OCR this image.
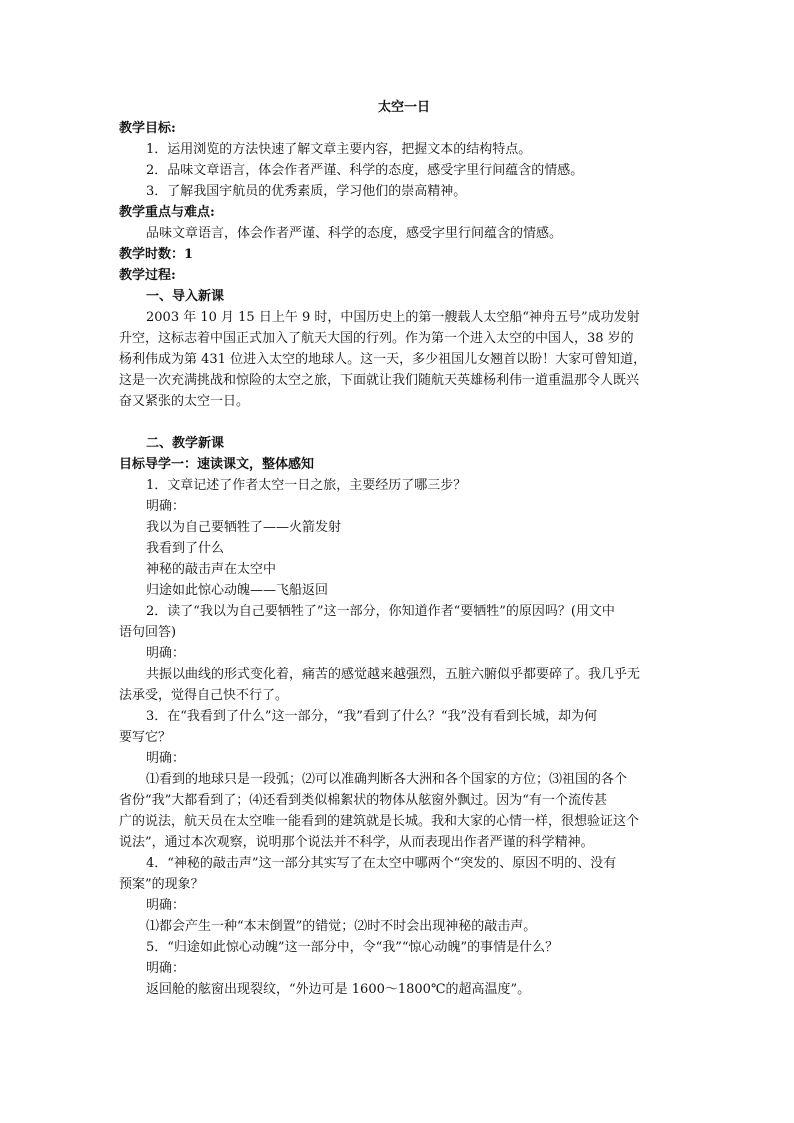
太空一日
教学目标:
1．运用浏览的方法快速了解文章主要内容，把握文本的结构特点。
2．品味文章语言，体会作者严谨、科学的态度，感受字里行间蕴含的情感。
3．了解我国宇航员的优秀素质，学习他们的崇高精神。
教学重点与难点:
品味文章语言，体会作者严谨、科学的态度，感受字里行间蕴含的情感。
教学时数：1
教学过程:
一、导入新课
2003 年 10 月 15 日上午 9 时，中国历史上的第一艘载人太空船“神舟五号”成功发射
升空，这标志着中国正式加入了航天大国的行列。作为第一个进入太空的中国人，38 岁的
杨利伟成为第 431 位进入太空的地球人。这一天，多少祖国儿女翘首以盼！大家可曾知道，
这是一次充满挑战和惊险的太空之旅，下面就让我们随航天英雄杨利伟一道重温那令人既兴
奋又紧张的太空一日。
二、教学新课
目标导学一：速读课文，整体感知
1．文章记述了作者太空一日之旅，主要经历了哪三步？
明确：
我以为自己要牺牲了——火箭发射
我看到了什么
神秘的敲击声在太空中
归途如此惊心动魄——飞船返回
2．读了“我以为自己要牺牲了”这一部分，你知道作者“要牺牲”的原因吗？(用文中
语句回答)
明确：
共振以曲线的形式变化着，痛苦的感觉越来越强烈，五脏六腑似乎都要碎了。我几乎无
法承受，觉得自己快不行了。
3．在“我看到了什么”这一部分，“我”看到了什么？“我”没有看到长城，却为何
要写它？
明确：
⑴看到的地球只是一段弧；⑵可以准确判断各大洲和各个国家的方位；⑶祖国的各个
省份“我”大都看到了；⑷还看到类似棉絮状的物体从舷窗外飘过。因为“有一个流传甚
广的说法，航天员在太空唯一能看到的建筑就是长城。我和大家的心情一样，很想验证这个
说法”，通过本次观察，说明那个说法并不科学，从而表现出作者严谨的科学精神。
4．“神秘的敲击声”这一部分其实写了在太空中哪两个“突发的、原因不明的、没有
预案”的现象？
明确：
⑴都会产生一种“本末倒置”的错觉；⑵时不时会出现神秘的敲击声。
5．“归途如此惊心动魄”这一部分中，令“我”“惊心动魄”的事情是什么？
明确：
返回舱的舷窗出现裂纹，“外边可是 1600～1800℃的超高温度”。
